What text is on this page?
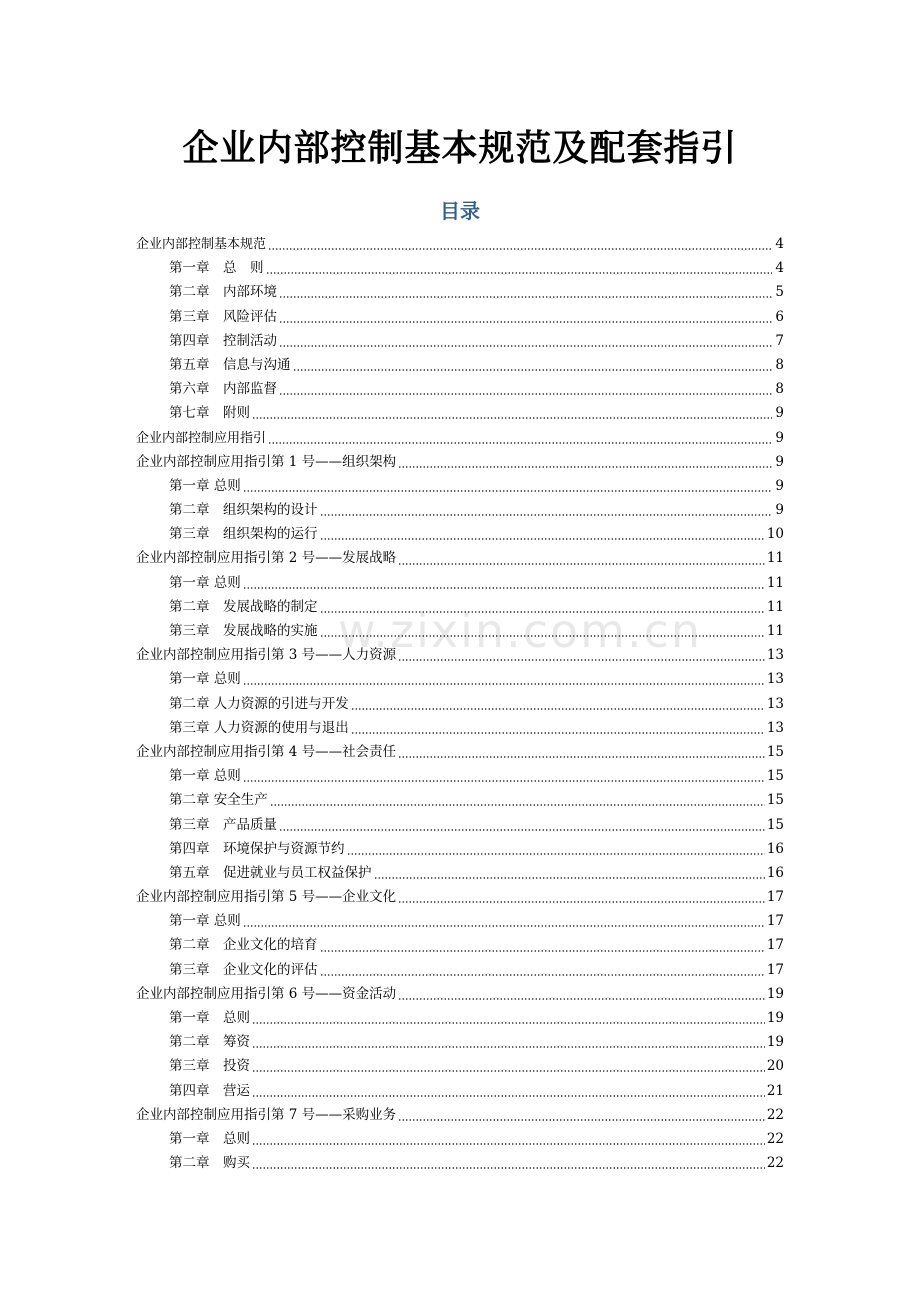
企业内部控制基本规范及配套指引
目录
企业内部控制基本规范	4
第一章　总　则	4
第二章　内部环境	5
第三章　风险评估	6
第四章　控制活动	7
第五章　信息与沟通	8
第六章　内部监督	8
第七章　附则	9
企业内部控制应用指引	9
企业内部控制应用指引第 1 号——组织架构	9
第一章 总则	9
第二章　组织架构的设计	9
第三章　组织架构的运行	10
企业内部控制应用指引第 2 号——发展战略	11
第一章 总则	11
第二章　发展战略的制定	11
第三章　发展战略的实施	11
企业内部控制应用指引第 3 号——人力资源	13
第一章 总则	13
第二章 人力资源的引进与开发	13
第三章 人力资源的使用与退出	13
企业内部控制应用指引第 4 号——社会责任	15
第一章 总则	15
第二章 安全生产	15
第三章　产品质量	15
第四章　环境保护与资源节约	16
第五章　促进就业与员工权益保护	16
企业内部控制应用指引第 5 号——企业文化	17
第一章 总则	17
第二章　企业文化的培育	17
第三章　企业文化的评估	17
企业内部控制应用指引第 6 号——资金活动	19
第一章　总则	19
第二章　筹资	19
第三章　投资	20
第四章　营运	21
企业内部控制应用指引第 7 号——采购业务	22
第一章　总则	22
第二章　购买	22
